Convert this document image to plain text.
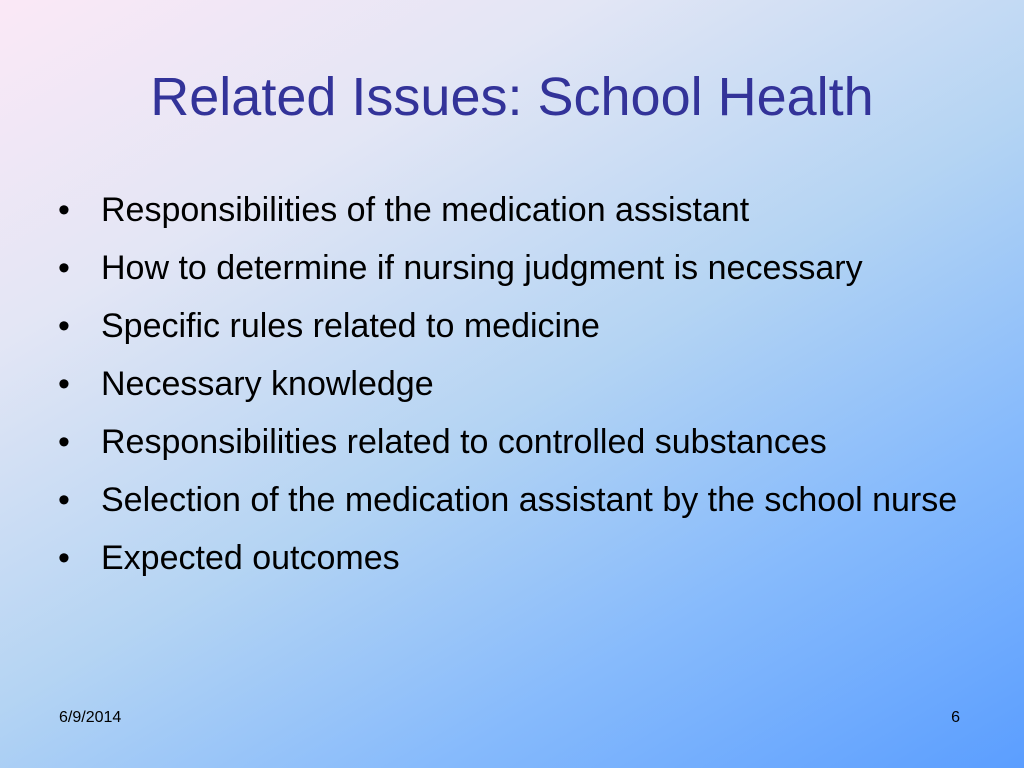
Related Issues: School Health
• Responsibilities of the medication assistant
• How to determine if nursing judgment is necessary
• Specific rules related to medicine
• Necessary knowledge
• Responsibilities related to controlled substances
• Selection of the medication assistant by the school nurse
• Expected outcomes
6/9/2014	6
